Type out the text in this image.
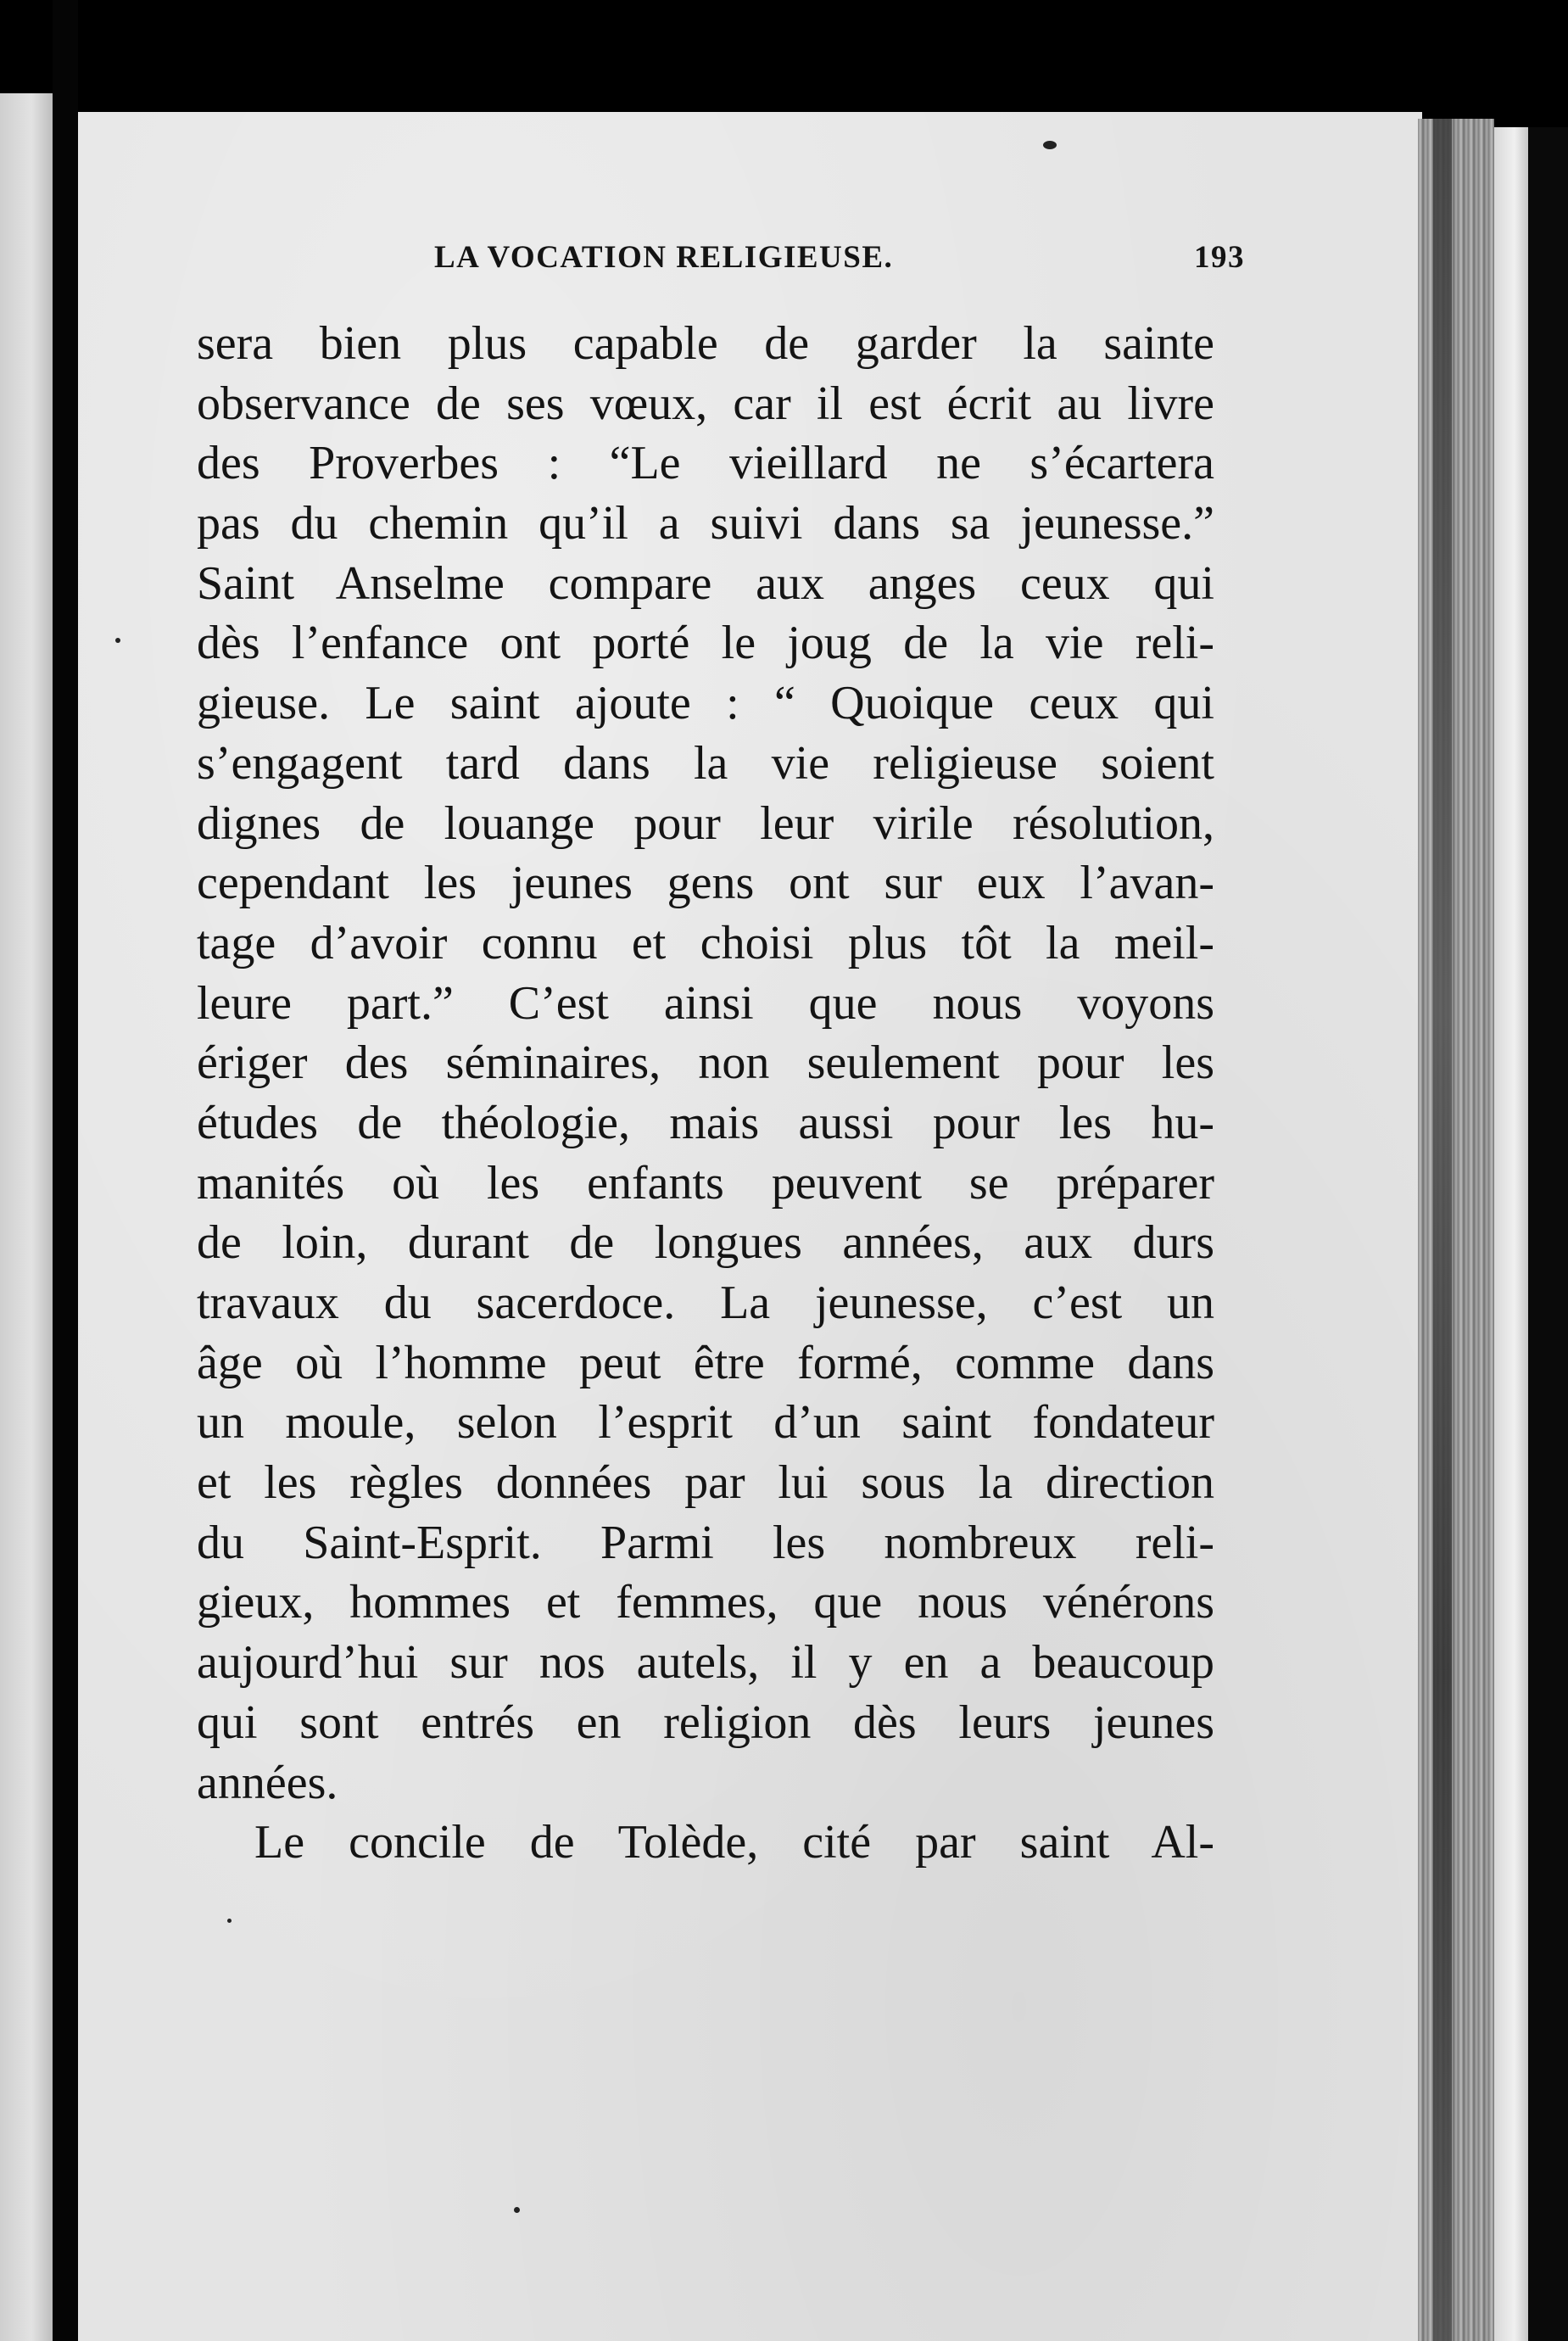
LA VOCATION RELIGIEUSE.	193
sera bien plus capable de garder la sainte
observance de ses vœux, car il est écrit au livre
des Proverbes : “Le vieillard ne s’écartera
pas du chemin qu’il a suivi dans sa jeunesse.”
Saint Anselme compare aux anges ceux qui
dès l’enfance ont porté le joug de la vie reli-
gieuse. Le saint ajoute : “ Quoique ceux qui
s’engagent tard dans la vie religieuse soient
dignes de louange pour leur virile résolution,
cependant les jeunes gens ont sur eux l’avan-
tage d’avoir connu et choisi plus tôt la meil-
leure part.” C’est ainsi que nous voyons
ériger des séminaires, non seulement pour les
études de théologie, mais aussi pour les hu-
manités où les enfants peuvent se préparer
de loin, durant de longues années, aux durs
travaux du sacerdoce. La jeunesse, c’est un
âge où l’homme peut être formé, comme dans
un moule, selon l’esprit d’un saint fondateur
et les règles données par lui sous la direction
du Saint-Esprit. Parmi les nombreux reli-
gieux, hommes et femmes, que nous vénérons
aujourd’hui sur nos autels, il y en a beaucoup
qui sont entrés en religion dès leurs jeunes
années.
Le concile de Tolède, cité par saint Al-
